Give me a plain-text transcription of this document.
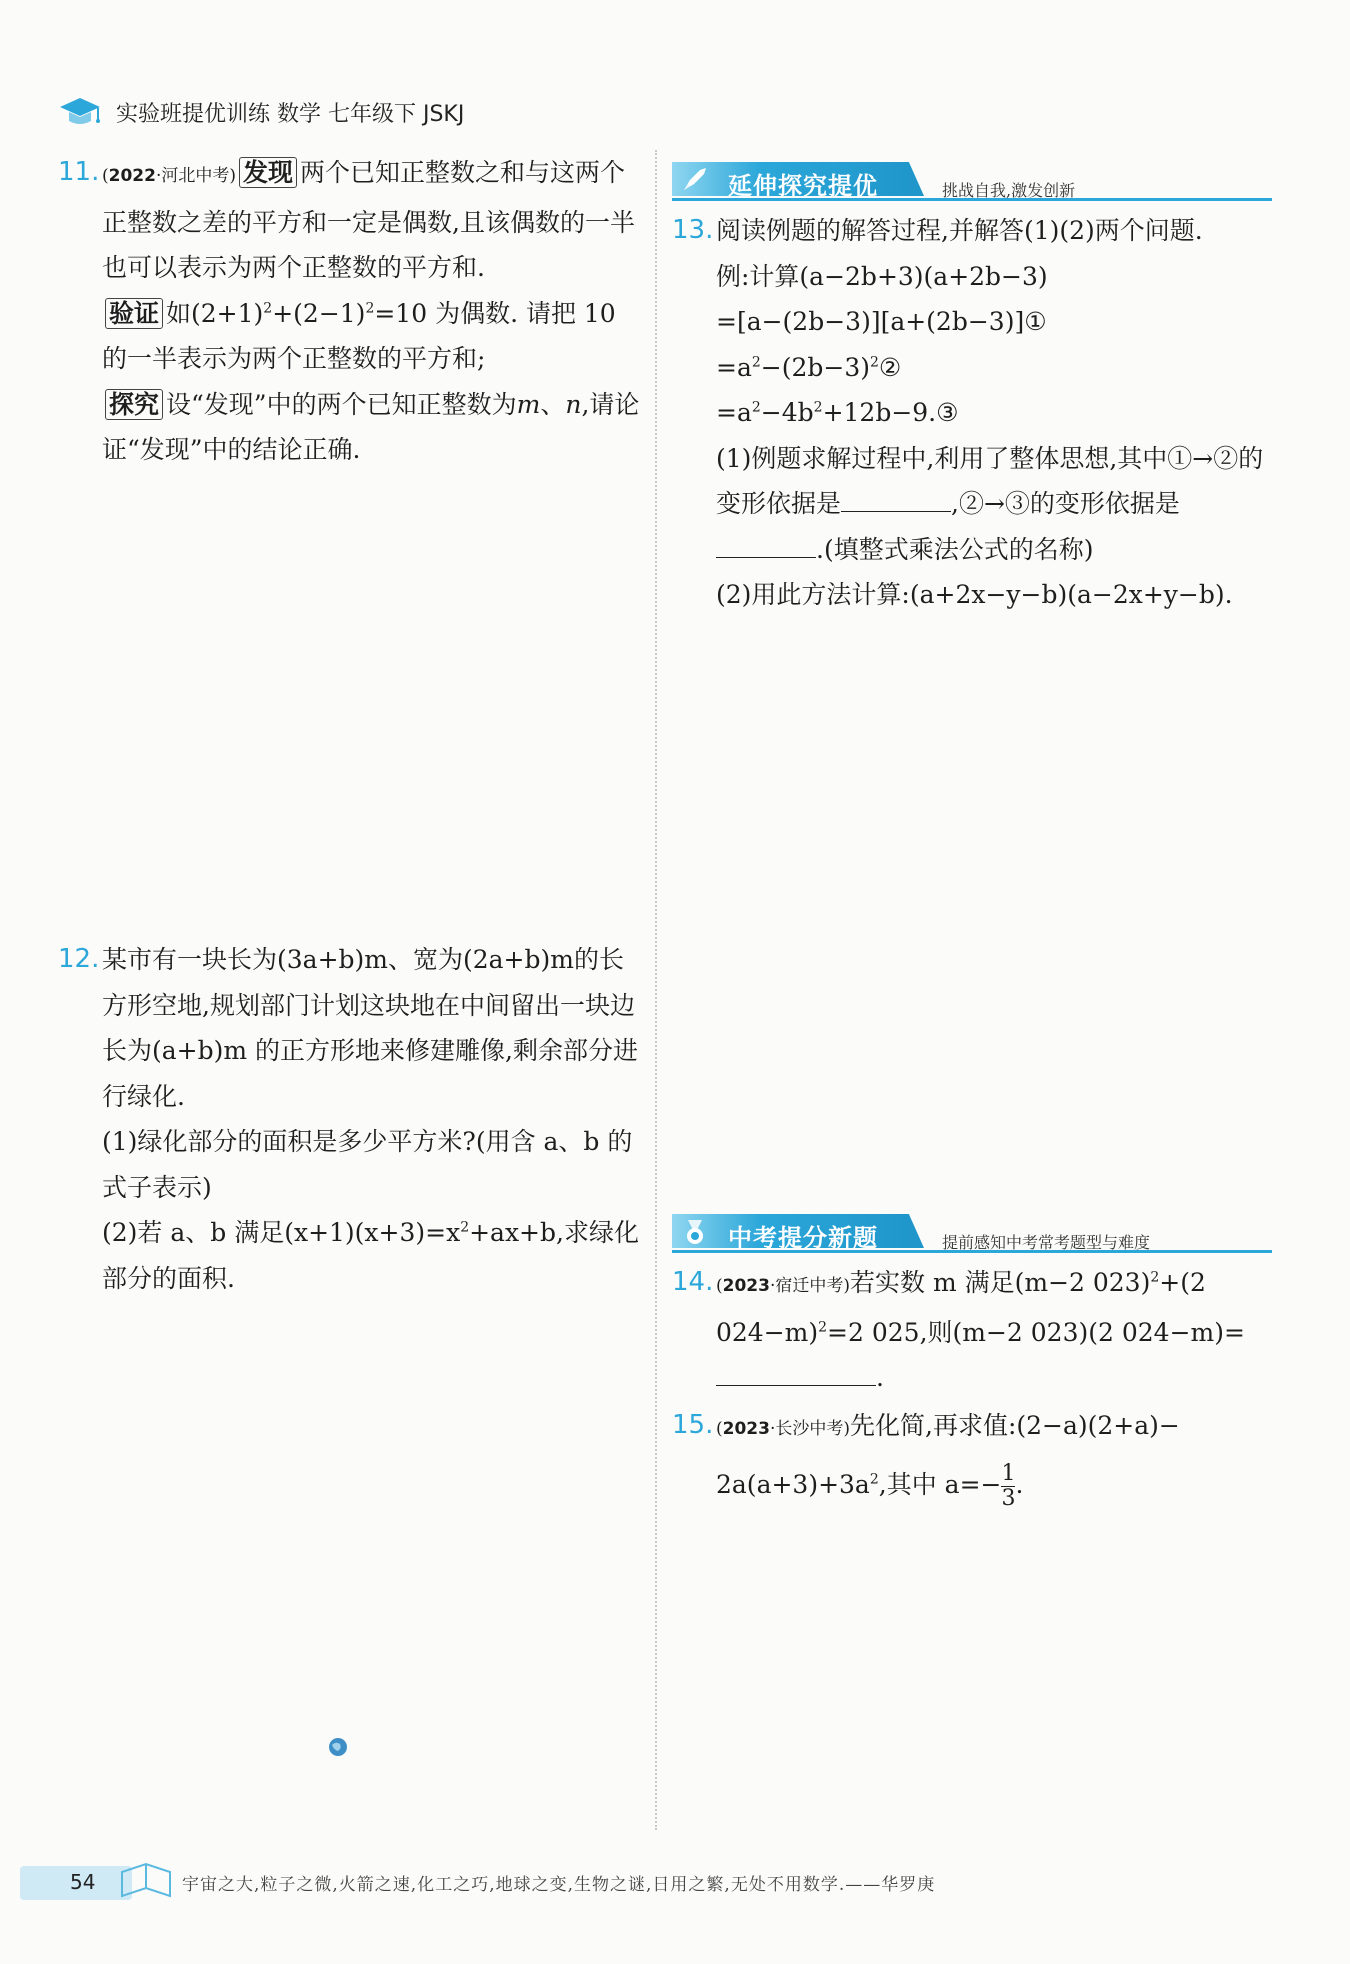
实验班提优训练 数学 七年级下 JSKJ
11. (2022·河北中考) 发现 两个已知正整数之和与这两个正整数之差的平方和一定是偶数,且该偶数的一半也可以表示为两个正整数的平方和.
验证 如$(2+1)^2+(2-1)^2=10$ 为偶数. 请把 10 的一半表示为两个正整数的平方和;
探究 设“发现”中的两个已知正整数为m、n,请论证“发现”中的结论正确.
12. 某市有一块长为(3a+b)m、宽为(2a+b)m的长方形空地,规划部门计划这块地在中间留出一块边长为(a+b)m 的正方形地来修建雕像,剩余部分进行绿化.
(1)绿化部分的面积是多少平方米?(用含 a、b 的式子表示)
(2)若 a、b 满足$(x+1)(x+3)=x^2+ax+b$,求绿化部分的面积.
延伸探究提优	挑战自我,激发创新
13. 阅读例题的解答过程,并解答(1)(2)两个问题.
例:计算(a−2b+3)(a+2b−3)
=[a−(2b−3)][a+(2b−3)]①
$=a^2-(2b-3)^2②$
$=a^2-4b^2+12b-9.③$
(1)例题求解过程中,利用了整体思想,其中①→②的变形依据是	,②→③的变形依据是.(填整式乘法公式的名称)
(2)用此方法计算:(a+2x−y−b)(a−2x+y−b).
中考提分新题	提前感知中考常考题型与难度
14. (2023·宿迁中考)若实数 m 满足(m−2 023)$^2$+(2 024−m)$^2$=2 025,则(m−2 023)(2 024−m)=.
15. (2023·长沙中考)先化简,再求值:(2−a)(2+a)−
$2a(a+3)+3a^2$,其中 $a=- \frac{1}{3}$ .
54	宇宙之大,粒子之微,火箭之速,化工之巧,地球之变,生物之谜,日用之繁,无处不用数学.——华罗庚
